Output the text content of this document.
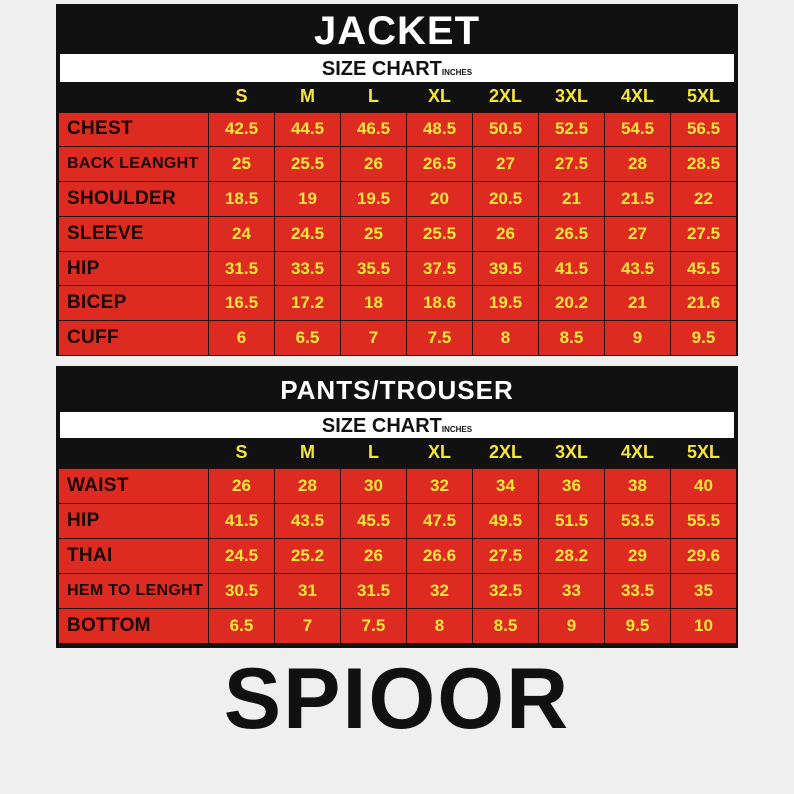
JACKET
SIZE CHARTINCHES
	S	M	L	XL	2XL	3XL	4XL	5XL
CHEST	42.5	44.5	46.5	48.5	50.5	52.5	54.5	56.5
BACK LEANGHT	25	25.5	26	26.5	27	27.5	28	28.5
SHOULDER	18.5	19	19.5	20	20.5	21	21.5	22
SLEEVE	24	24.5	25	25.5	26	26.5	27	27.5
HIP	31.5	33.5	35.5	37.5	39.5	41.5	43.5	45.5
BICEP	16.5	17.2	18	18.6	19.5	20.2	21	21.6
CUFF	6	6.5	7	7.5	8	8.5	9	9.5
PANTS/TROUSER
SIZE CHARTINCHES
	S	M	L	XL	2XL	3XL	4XL	5XL
WAIST	26	28	30	32	34	36	38	40
HIP	41.5	43.5	45.5	47.5	49.5	51.5	53.5	55.5
THAI	24.5	25.2	26	26.6	27.5	28.2	29	29.6
HEM TO LENGHT	30.5	31	31.5	32	32.5	33	33.5	35
BOTTOM	6.5	7	7.5	8	8.5	9	9.5	10
SPIOOR
